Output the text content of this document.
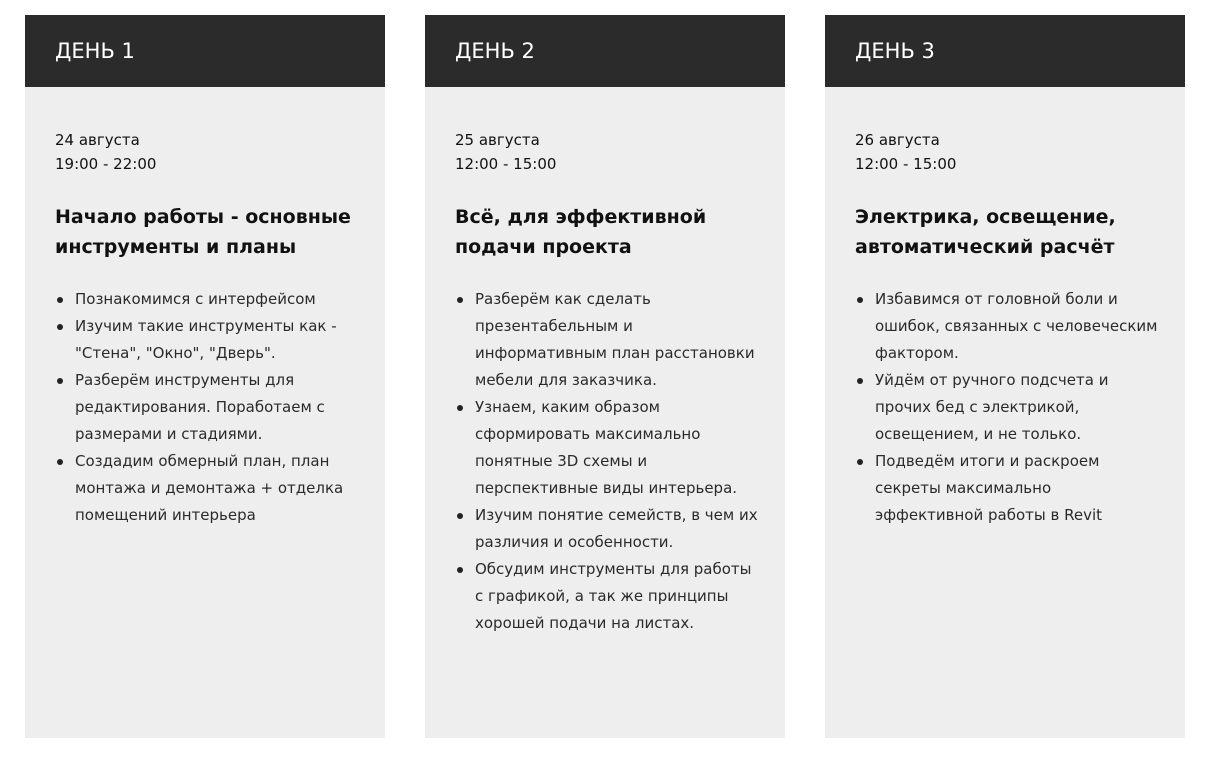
ДЕНЬ 1
24 августа
19:00 - 22:00
Начало работы - основные
инструменты и планы
Познакомимся с интерфейсом
Изучим такие инструменты как - "Стена", "Окно", "Дверь".
Разберём инструменты для редактирования. Поработаем с размерами и стадиями.
Создадим обмерный план, план монтажа и демонтажа + отделка помещений интерьера
ДЕНЬ 2
25 августа
12:00 - 15:00
Всё, для эффективной
подачи проекта
Разберём как сделать презентабельным и информативным план расстановки мебели для заказчика.
Узнаем, каким образом сформировать максимально понятные 3D схемы и перспективные виды интерьера.
Изучим понятие семейств, в чем их различия и особенности.
Обсудим инструменты для работы с графикой, а так же принципы хорошей подачи на листах.
ДЕНЬ 3
26 августа
12:00 - 15:00
Электрика, освещение,
автоматический расчёт
Избавимся от головной боли и ошибок, связанных с человеческим фактором.
Уйдём от ручного подсчета и прочих бед с электрикой, освещением, и не только.
Подведём итоги и раскроем секреты максимально эффективной работы в Revit
